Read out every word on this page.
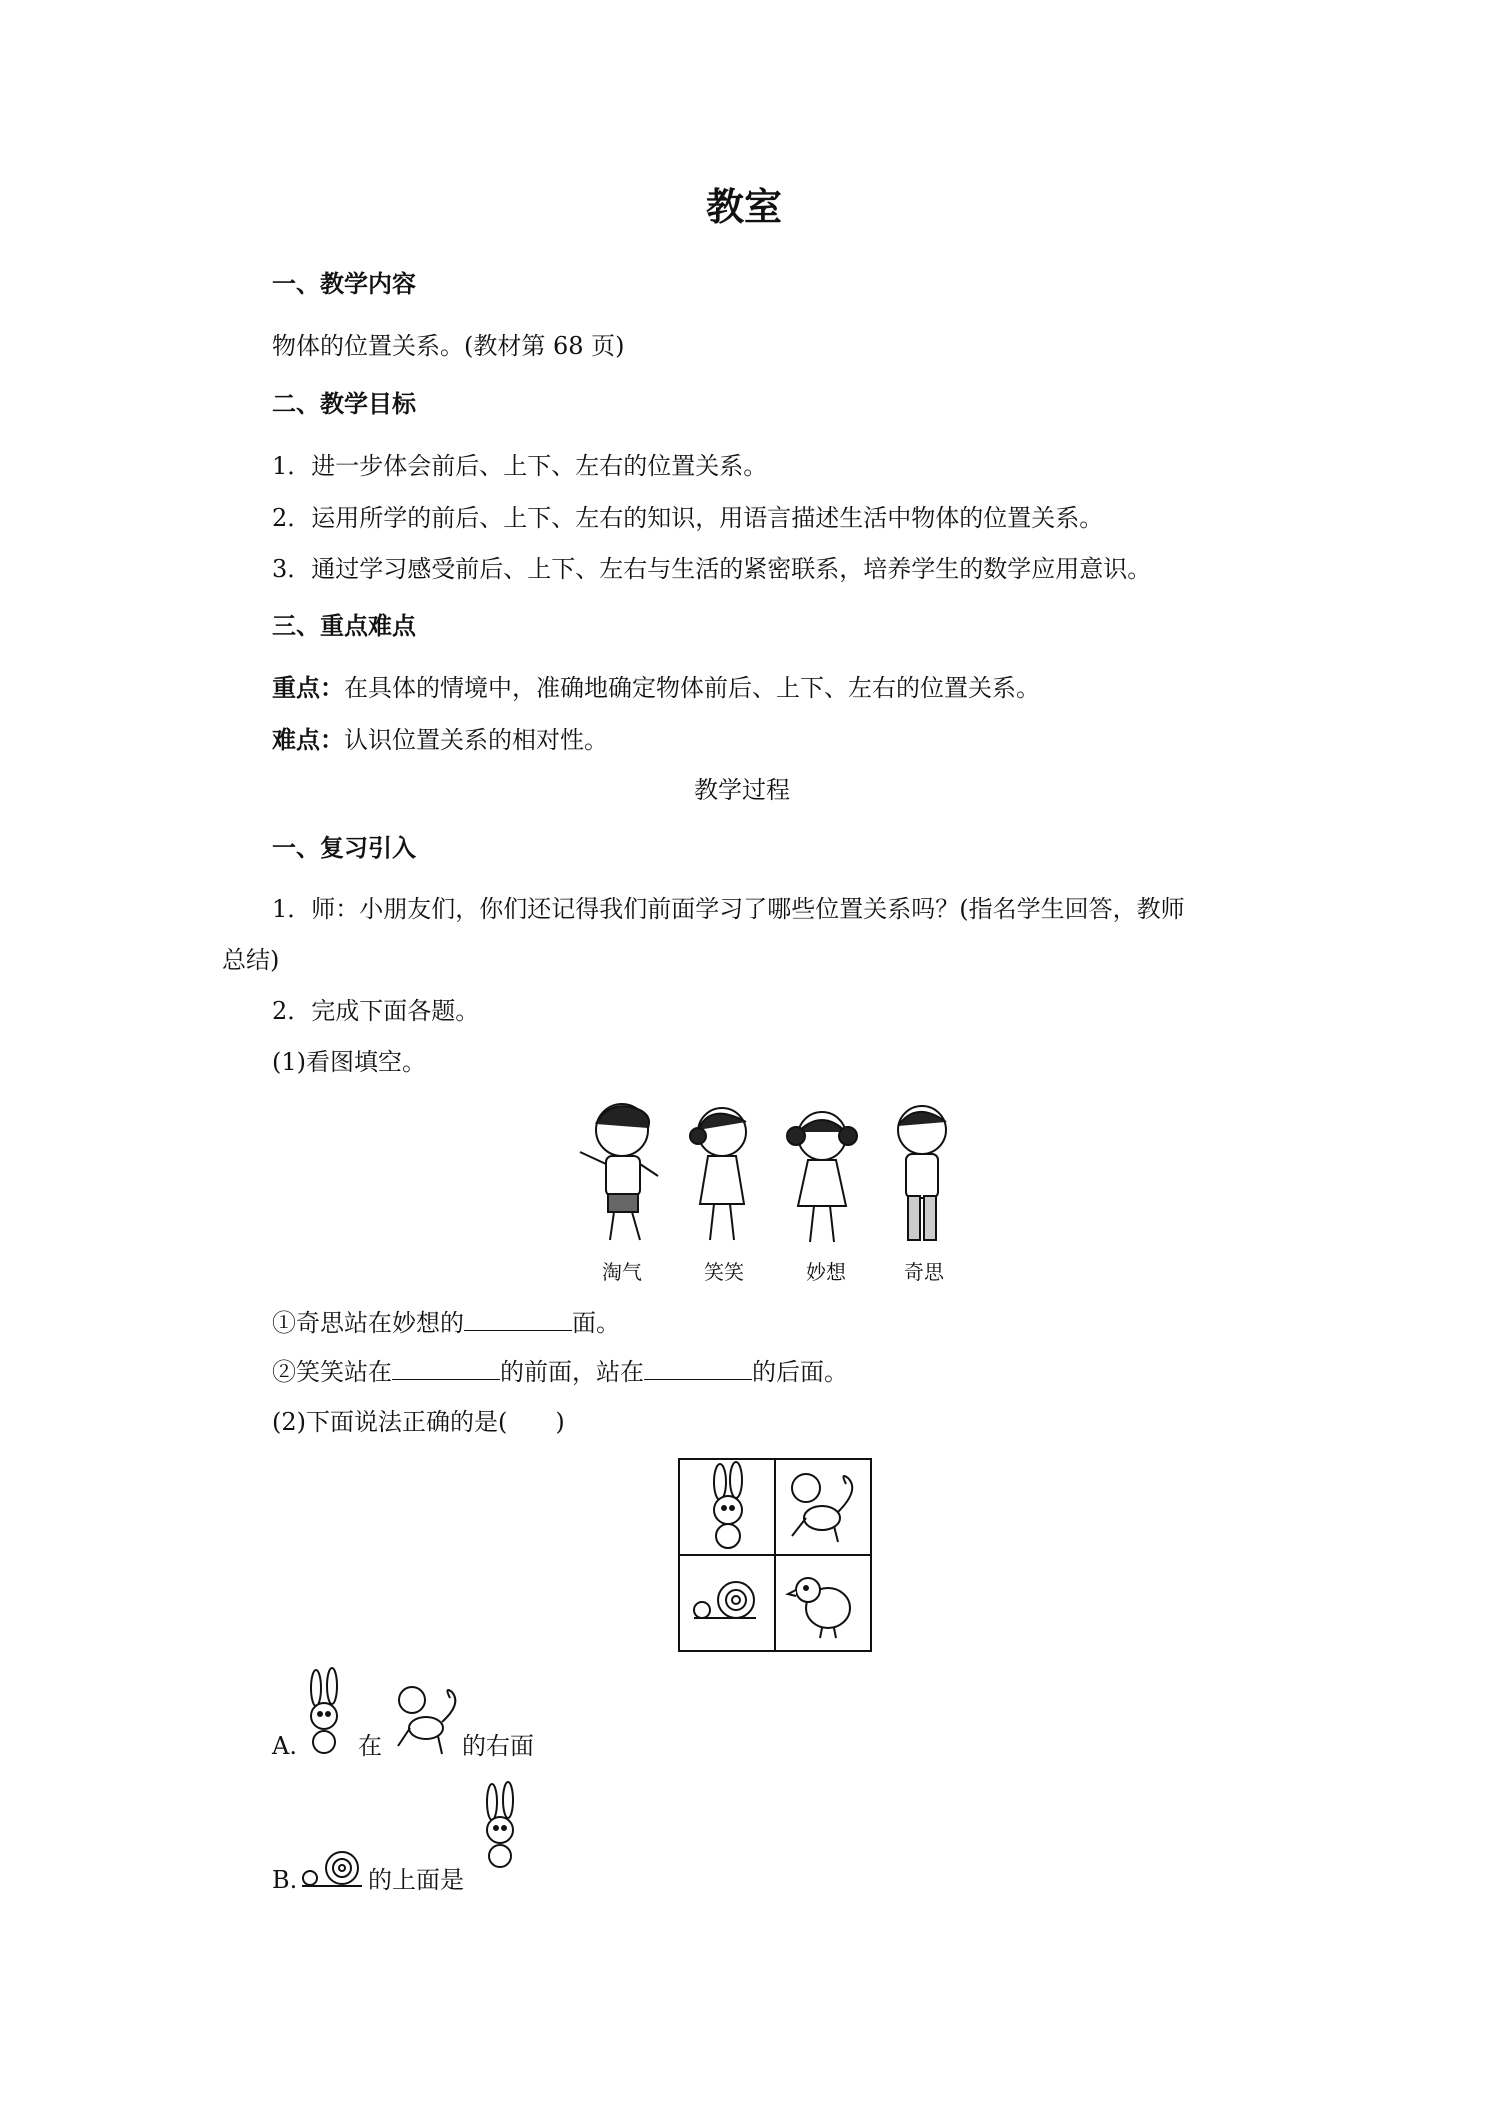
教室
一、教学内容
物体的位置关系。(教材第 68 页)
二、教学目标
1．进一步体会前后、上下、左右的位置关系。
2．运用所学的前后、上下、左右的知识，用语言描述生活中物体的位置关系。
3．通过学习感受前后、上下、左右与生活的紧密联系，培养学生的数学应用意识。
三、重点难点
重点：在具体的情境中，准确地确定物体前后、上下、左右的位置关系。
难点：认识位置关系的相对性。
教学过程
一、复习引入
1．师：小朋友们，你们还记得我们前面学习了哪些位置关系吗？(指名学生回答，教师
总结)
2．完成下面各题。
(1)看图填空。
淘气	笑笑	妙想	奇思
①奇思站在妙想的	面。
②笑笑站在	的前面，站在	的后面。
(2)下面说法正确的是(　　)
A.	在	的右面
B.	的上面是
